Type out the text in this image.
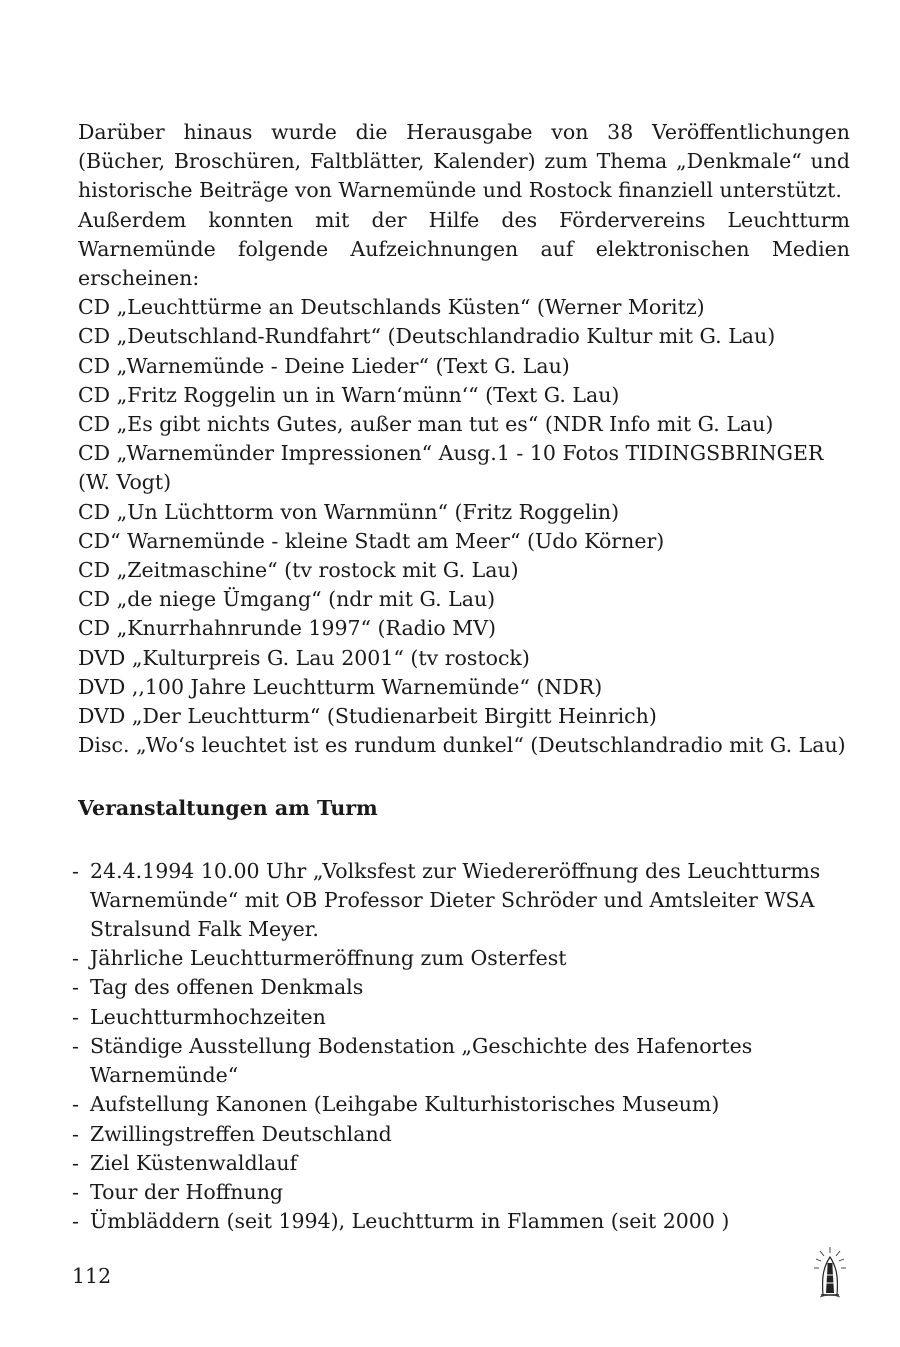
Darüber hinaus wurde die Herausgabe von 38 Veröffentlichungen (Bücher, Broschüren, Faltblätter, Kalender) zum Thema „Denkmale“ und historische Beiträge von Warnemünde und Rostock finanziell unterstützt.

Außerdem konnten mit der Hilfe des Fördervereins Leuchtturm Warnemünde folgende Aufzeichnungen auf elektronischen Medien erscheinen:

CD „Leuchttürme an Deutschlands Küsten“ (Werner Moritz)
CD „Deutschland-Rundfahrt“ (Deutschlandradio Kultur mit G. Lau)
CD „Warnemünde - Deine Lieder“ (Text G. Lau)
CD „Fritz Roggelin un in Warn‘münn‘“ (Text G. Lau)
CD „Es gibt nichts Gutes, außer man tut es“ (NDR Info mit G. Lau)
CD „Warnemünder Impressionen“ Ausg.1 - 10 Fotos TIDINGSBRINGER (W. Vogt)
CD „Un Lüchttorm von Warnmünn“ (Fritz Roggelin)
CD“ Warnemünde - kleine Stadt am Meer“ (Udo Körner)
CD „Zeitmaschine“ (tv rostock mit G. Lau)
CD „de niege Ümgang“ (ndr mit G. Lau)
CD „Knurrhahnrunde 1997“ (Radio MV)
DVD „Kulturpreis G. Lau 2001“ (tv rostock)
DVD ,,100 Jahre Leuchtturm Warnemünde“ (NDR)
DVD „Der Leuchtturm“ (Studienarbeit Birgitt Heinrich)
Disc. „Wo‘s leuchtet ist es rundum dunkel“ (Deutschlandradio mit G. Lau)
Veranstaltungen am Turm
- 24.4.1994 10.00 Uhr „Volksfest zur Wiedereröffnung des Leuchtturms Warnemünde“ mit OB Professor Dieter Schröder und Amtsleiter WSA Stralsund Falk Meyer.
- Jährliche Leuchtturmeröffnung zum Osterfest
- Tag des offenen Denkmals
- Leuchtturmhochzeiten
- Ständige Ausstellung Bodenstation „Geschichte des Hafenortes Warnemünde“
- Aufstellung Kanonen (Leihgabe Kulturhistorisches Museum)
- Zwillingstreffen Deutschland
- Ziel Küstenwaldlauf
- Tour der Hoffnung
- Ümbläddern (seit 1994), Leuchtturm in Flammen (seit 2000 )
112
